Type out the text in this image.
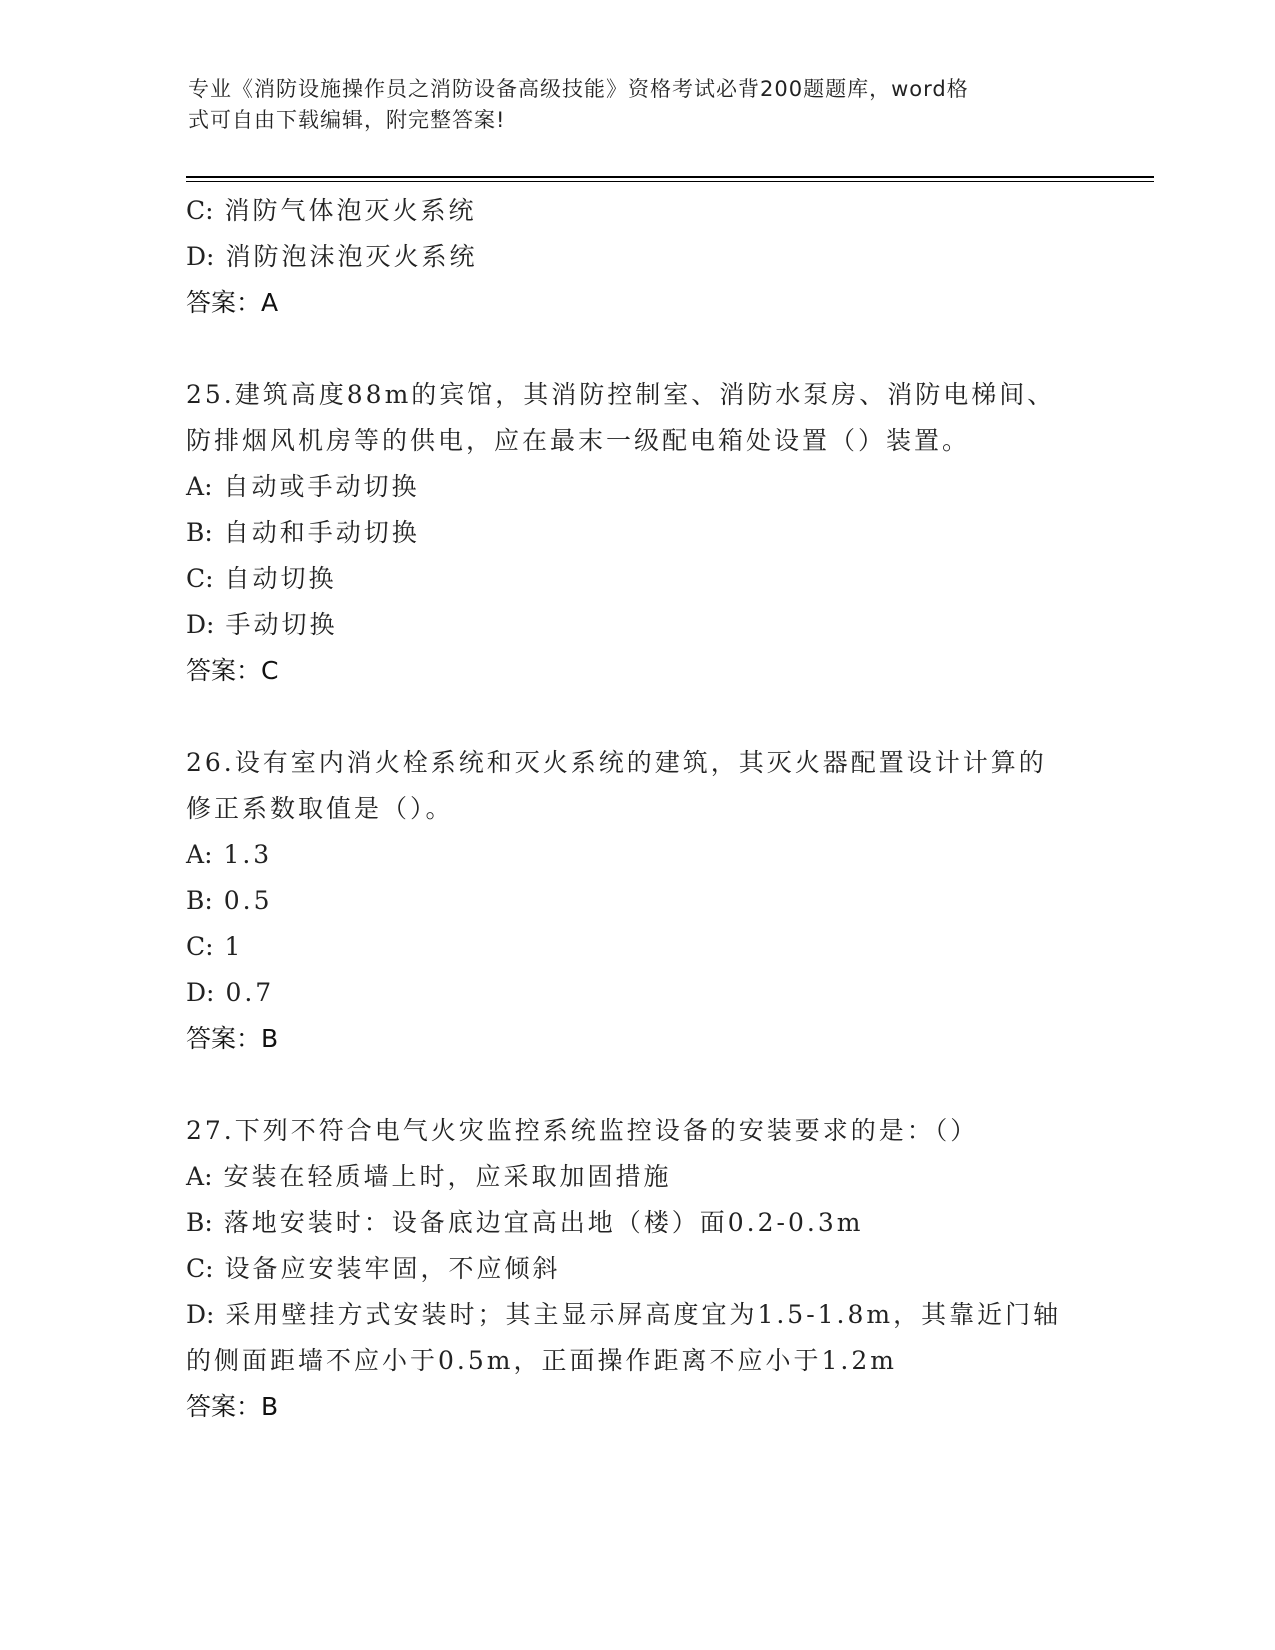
专业《消防设施操作员之消防设备高级技能》资格考试必背200题题库，word格
式可自由下载编辑，附完整答案!
C: 消防气体泡灭火系统
D: 消防泡沫泡灭火系统
答案：A
25.建筑高度88m的宾馆，其消防控制室、消防水泵房、消防电梯间、
防排烟风机房等的供电，应在最末一级配电箱处设置（）装置。
A: 自动或手动切换
B: 自动和手动切换
C: 自动切换
D: 手动切换
答案：C
26.设有室内消火栓系统和灭火系统的建筑，其灭火器配置设计计算的
修正系数取值是（）。
A: 1.3
B: 0.5
C: 1
D: 0.7
答案：B
27.下列不符合电气火灾监控系统监控设备的安装要求的是：（）
A: 安装在轻质墙上时，应采取加固措施
B: 落地安装时：设备底边宜高出地（楼）面0.2-0.3m
C: 设备应安装牢固，不应倾斜
D: 采用壁挂方式安装时；其主显示屏高度宜为1.5-1.8m，其靠近门轴
的侧面距墙不应小于0.5m，正面操作距离不应小于1.2m
答案：B
